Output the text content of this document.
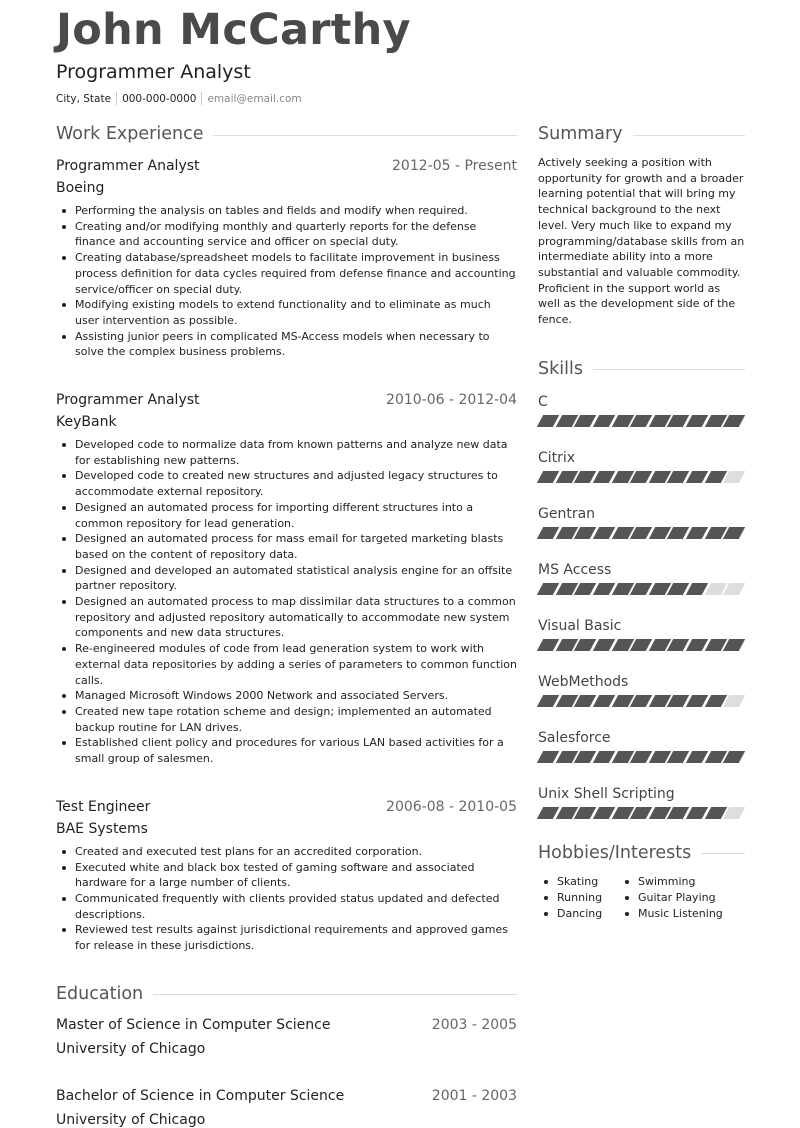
John McCarthy
Programmer Analyst
City, State 000-000-0000 email@email.com
Work Experience
Programmer Analyst	2012-05 - Present
Boeing
Performing the analysis on tables and fields and modify when required.
Creating and/or modifying monthly and quarterly reports for the defense finance and accounting service and officer on special duty.
Creating database/spreadsheet models to facilitate improvement in business process definition for data cycles required from defense finance and accounting service/officer on special duty.
Modifying existing models to extend functionality and to eliminate as much user intervention as possible.
Assisting junior peers in complicated MS-Access models when necessary to solve the complex business problems.
Programmer Analyst	2010-06 - 2012-04
KeyBank
Developed code to normalize data from known patterns and analyze new data for establishing new patterns.
Developed code to created new structures and adjusted legacy structures to accommodate external repository.
Designed an automated process for importing different structures into a common repository for lead generation.
Designed an automated process for mass email for targeted marketing blasts based on the content of repository data.
Designed and developed an automated statistical analysis engine for an offsite partner repository.
Designed an automated process to map dissimilar data structures to a common repository and adjusted repository automatically to accommodate new system components and new data structures.
Re-engineered modules of code from lead generation system to work with external data repositories by adding a series of parameters to common function calls.
Managed Microsoft Windows 2000 Network and associated Servers.
Created new tape rotation scheme and design; implemented an automated backup routine for LAN drives.
Established client policy and procedures for various LAN based activities for a small group of salesmen.
Test Engineer	2006-08 - 2010-05
BAE Systems
Created and executed test plans for an accredited corporation.
Executed white and black box tested of gaming software and associated hardware for a large number of clients.
Communicated frequently with clients provided status updated and defected descriptions.
Reviewed test results against jurisdictional requirements and approved games for release in these jurisdictions.
Education
Master of Science in Computer Science	2003 - 2005
University of Chicago
Bachelor of Science in Computer Science	2001 - 2003
University of Chicago
Summary
Actively seeking a position with opportunity for growth and a broader learning potential that will bring my technical background to the next level. Very much like to expand my programming/database skills from an intermediate ability into a more substantial and valuable commodity. Proficient in the support world as well as the development side of the fence.
Skills
C
Citrix
Gentran
MS Access
Visual Basic
WebMethods
Salesforce
Unix Shell Scripting
Hobbies/Interests
Skating
Running
Dancing
Swimming
Guitar Playing
Music Listening
